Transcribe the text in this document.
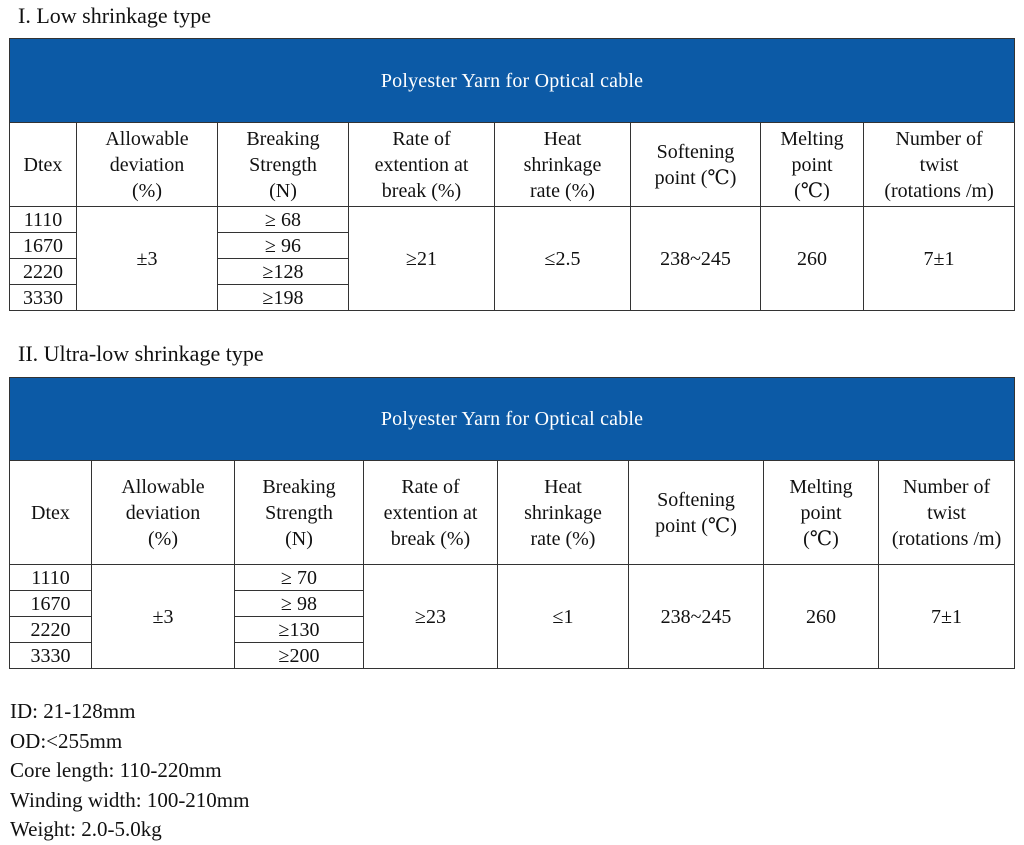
I. Low shrinkage type
Polyester Yarn for Optical cable							
Dtex	Allowable
deviation
(%)	Breaking
Strength
(N)	Rate of
extention at
break (%)	Heat
shrinkage
rate (%)	Softening
point (℃)	Melting
point
(℃)	Number of
twist
(rotations /m)
1110	±3	≥ 68	≥21	≤2.5	238~245	260	7±1
1670		≥ 96					
2220		≥128					
3330		≥198					
II. Ultra-low shrinkage type
Polyester Yarn for Optical cable							
Dtex	Allowable
deviation
(%)	Breaking
Strength
(N)	Rate of
extention at
break (%)	Heat
shrinkage
rate (%)	Softening
point (℃)	Melting
point
(℃)	Number of
twist
(rotations /m)
1110	±3	≥ 70	≥23	≤1	238~245	260	7±1
1670		≥ 98					
2220		≥130					
3330		≥200					
ID: 21-128mm
OD:<255mm
Core length: 110-220mm
Winding width: 100-210mm
Weight: 2.0-5.0kg
